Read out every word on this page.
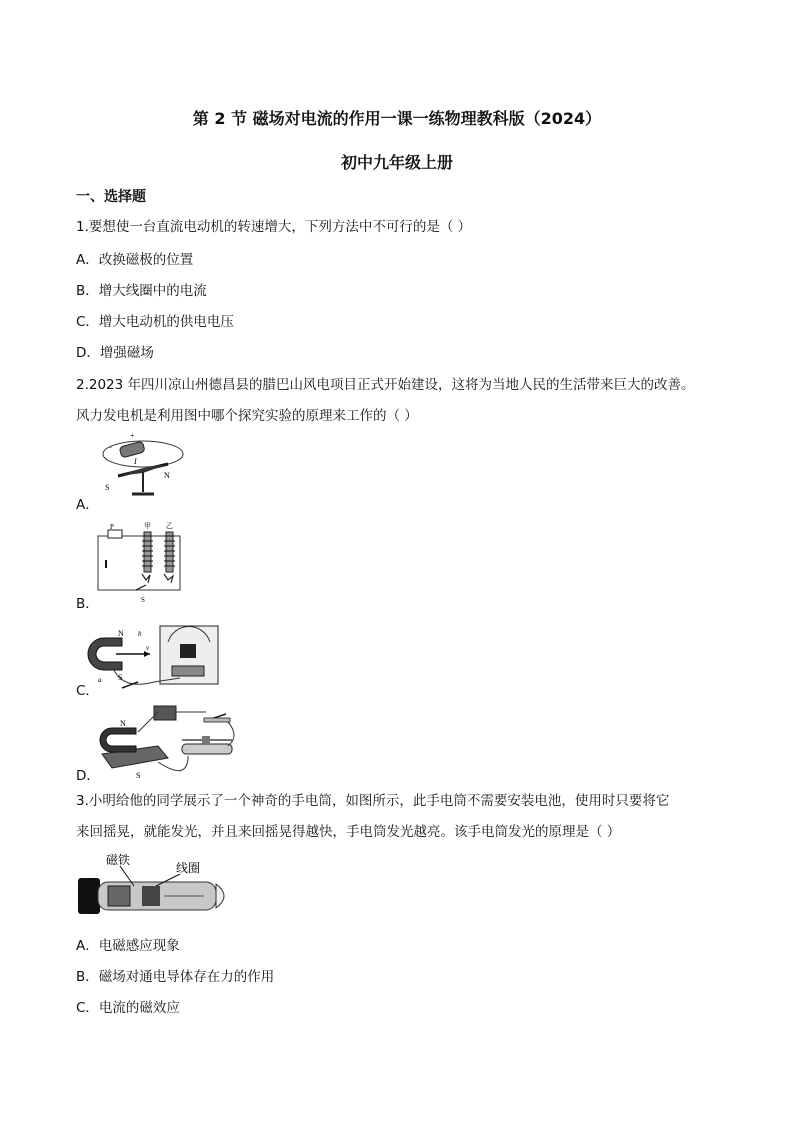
第 2 节 磁场对电流的作用一课一练物理教科版（2024）
初中九年级上册
一、选择题
1.要想使一台直流电动机的转速增大，下列方法中不可行的是（ ）
A．改换磁极的位置
B．增大线圈中的电流
C．增大电动机的供电电压
D．增强磁场
2.2023 年四川凉山州德昌县的腊巴山风电项目正式开始建设，这将为当地人民的生活带来巨大的改善。
风力发电机是利用图中哪个探究实验的原理来工作的（ ）
S
N
I
+
−
A．
P	甲 乙
S
B．
N
S
a
b
v
C．
N
S
D．
3.小明给他的同学展示了一个神奇的手电筒，如图所示，此手电筒不需要安装电池，使用时只要将它
来回摇晃，就能发光，并且来回摇晃得越快，手电筒发光越亮。该手电筒发光的原理是（ ）
磁铁
线圈
A．电磁感应现象
B．磁场对通电导体存在力的作用
C．电流的磁效应
